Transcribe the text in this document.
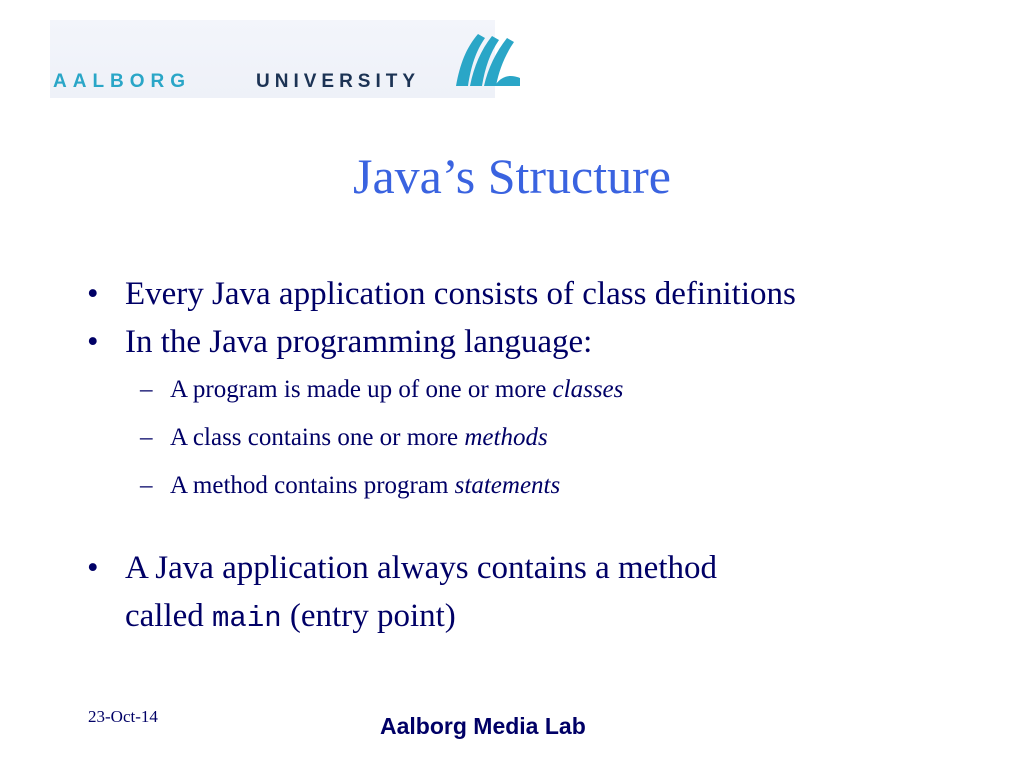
AALBORG	UNIVERSITY
Java’s Structure

• Every Java application consists of class definitions

• In the Java programming language:

– A program is made up of one or more classes

– A class contains one or more methods

– A method contains program statements

• A Java application always contains a method
called main (entry point)

23-Oct-14	Aalborg Media Lab
